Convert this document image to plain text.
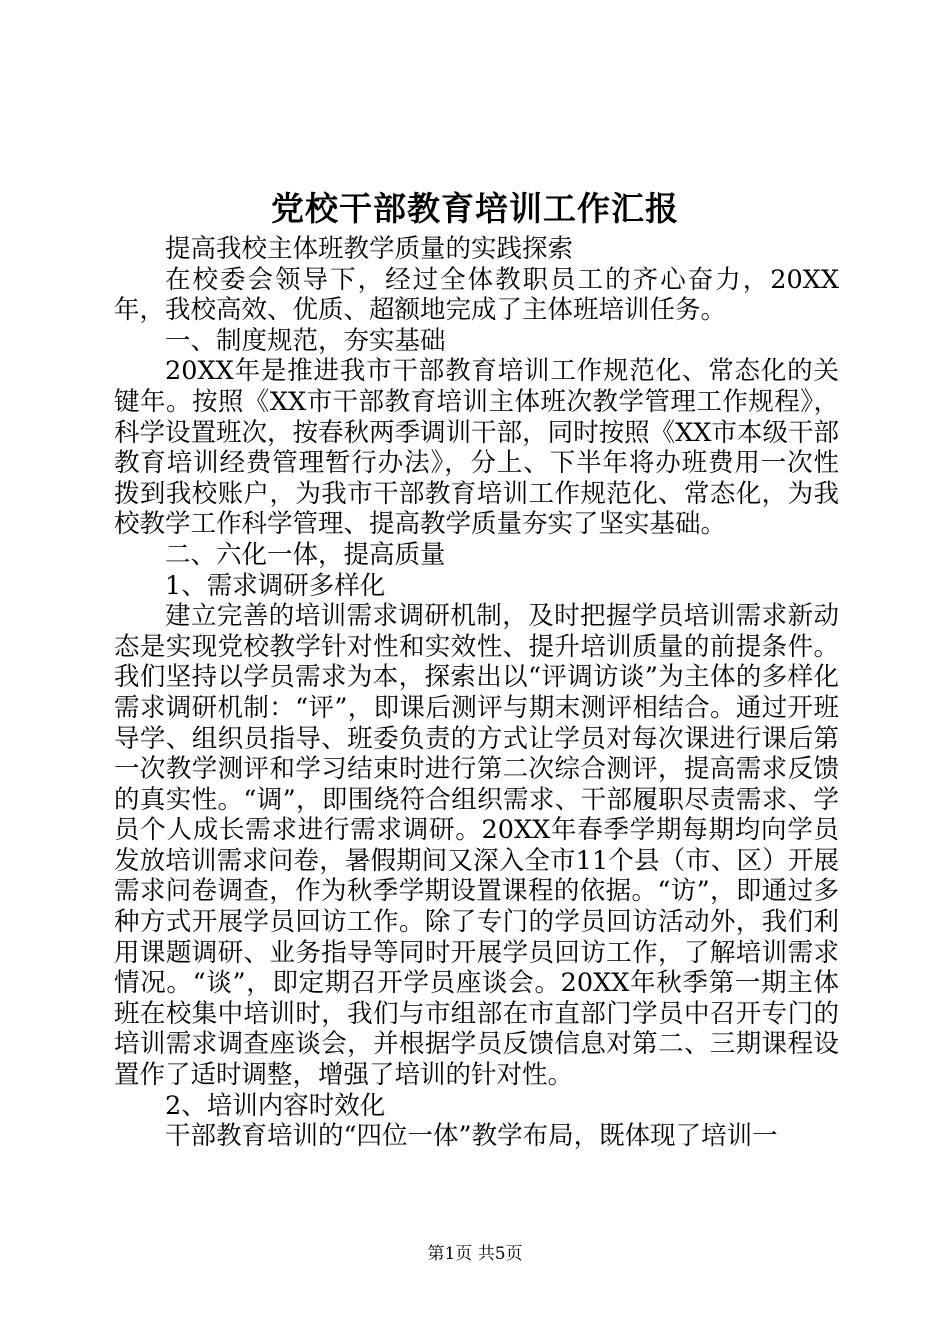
党校干部教育培训工作汇报

提高我校主体班教学质量的实践探索

在校委会领导下，经过全体教职员工的齐心奋力，20XX年，我校高效、优质、超额地完成了主体班培训任务。

一、制度规范，夯实基础

20XX年是推进我市干部教育培训工作规范化、常态化的关键年。按照《XX市干部教育培训主体班次教学管理工作规程》，科学设置班次，按春秋两季调训干部，同时按照《XX市本级干部教育培训经费管理暂行办法》，分上、下半年将办班费用一次性拨到我校账户，为我市干部教育培训工作规范化、常态化，为我校教学工作科学管理、提高教学质量夯实了坚实基础。

二、六化一体，提高质量

1、需求调研多样化

建立完善的培训需求调研机制，及时把握学员培训需求新动态是实现党校教学针对性和实效性、提升培训质量的前提条件。我们坚持以学员需求为本，探索出以“评调访谈”为主体的多样化需求调研机制：“评”，即课后测评与期末测评相结合。通过开班导学、组织员指导、班委负责的方式让学员对每次课进行课后第一次教学测评和学习结束时进行第二次综合测评，提高需求反馈的真实性。“调”，即围绕符合组织需求、干部履职尽责需求、学员个人成长需求进行需求调研。20XX年春季学期每期均向学员发放培训需求问卷，暑假期间又深入全市11个县（市、区）开展需求问卷调查，作为秋季学期设置课程的依据。“访”，即通过多种方式开展学员回访工作。除了专门的学员回访活动外，我们利用课题调研、业务指导等同时开展学员回访工作，了解培训需求情况。“谈”，即定期召开学员座谈会。20XX年秋季第一期主体班在校集中培训时，我们与市组部在市直部门学员中召开专门的培训需求调查座谈会，并根据学员反馈信息对第二、三期课程设置作了适时调整，增强了培训的针对性。

2、培训内容时效化

干部教育培训的“四位一体”教学布局，既体现了培训一

第1页 共5页
